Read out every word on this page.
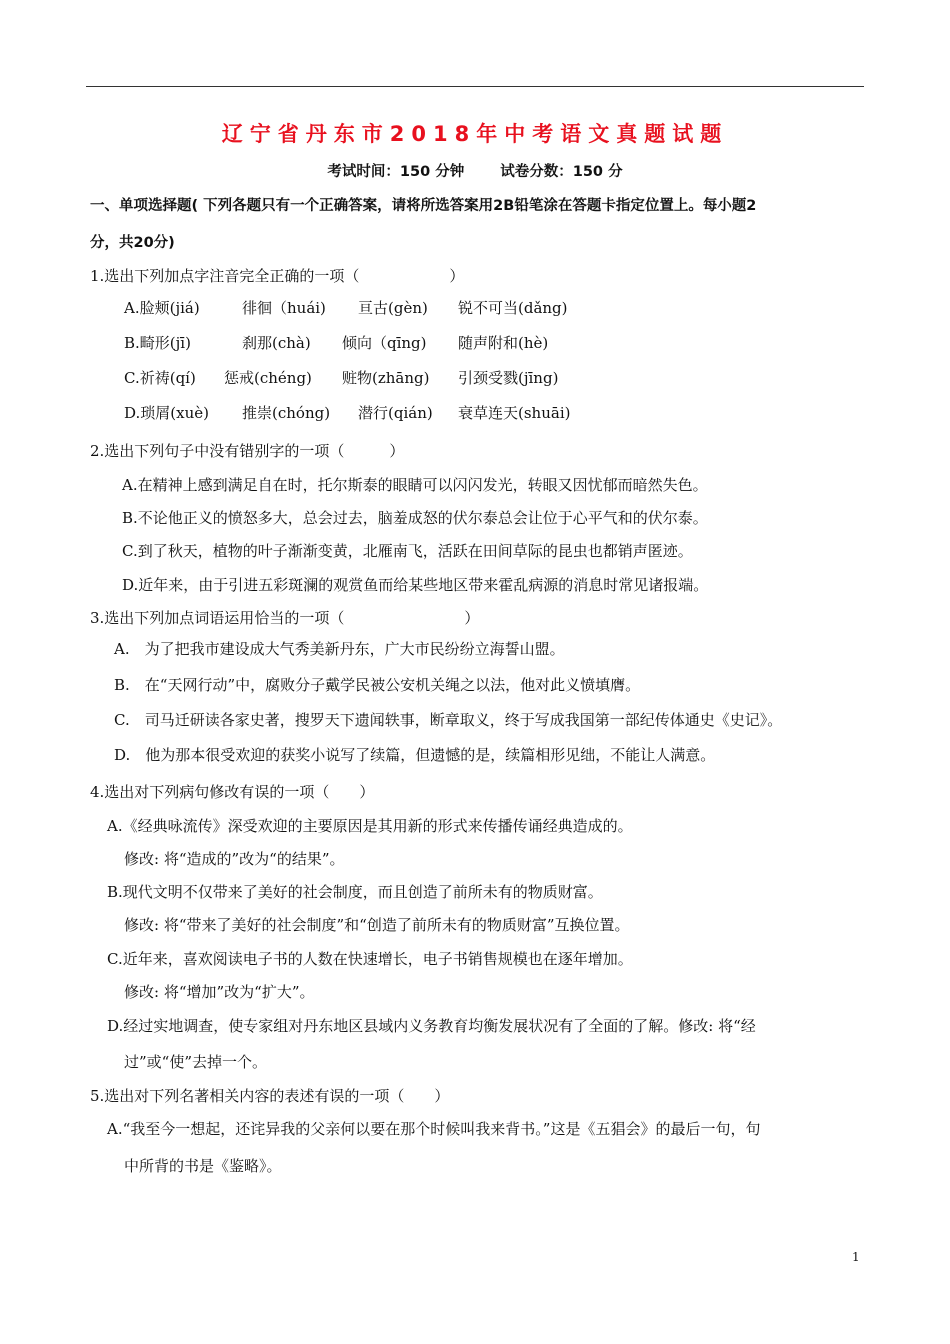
辽宁省丹东市2018年中考语文真题试题
考试时间：150 分钟 试卷分数：150 分
一、单项选择题( 下列各题只有一个正确答案，请将所选答案用2B铅笔涂在答题卡指定位置上。每小题2
分，共20分)
1.选出下列加点字注音完全正确的一项（　　　　　　）
A.脸颊(jiá)	徘徊（huái) 亘古(gèn) 锐不可当(dǎng)
B.畸形(jī)	刹那(chà) 倾向（qīng) 随声附和(hè)
C.祈祷(qí) 惩戒(chéng) 赃物(zhāng) 引颈受戮(jīng)
D.琐屑(xuè) 推崇(chóng) 潜行(qián) 衰草连天(shuāi)
2.选出下列句子中没有错别字的一项（　　　）
A.在精神上感到满足自在时，托尔斯泰的眼睛可以闪闪发光，转眼又因忧郁而暗然失色。
B.不论他正义的愤怒多大，总会过去，脑羞成怒的伏尔泰总会让位于心平气和的伏尔泰。
C.到了秋天，植物的叶子渐渐变黄，北雁南飞，活跃在田间草际的昆虫也都销声匿迹。
D.近年来，由于引进五彩斑澜的观赏鱼而给某些地区带来霍乱病源的消息时常见诸报端。
3.选出下列加点词语运用恰当的一项（　　　　　　　　）
A.　为了把我市建设成大气秀美新丹东，广大市民纷纷立海誓山盟。
B.　在“天网行动”中，腐败分子戴学民被公安机关绳之以法，他对此义愤填膺。
C.　司马迁研读各家史著，搜罗天下遗闻轶事，断章取义，终于写成我国第一部纪传体通史《史记》。
D.　他为那本很受欢迎的获奖小说写了续篇，但遗憾的是，续篇相形见绌，不能让人满意。
4.选出对下列病句修改有误的一项（　　）
A.《经典咏流传》深受欢迎的主要原因是其用新的形式来传播传诵经典造成的。
修改: 将“造成的”改为“的结果”。
B.现代文明不仅带来了美好的社会制度，而且创造了前所未有的物质财富。
修改: 将“带来了美好的社会制度”和“创造了前所未有的物质财富”互换位置。
C.近年来，喜欢阅读电子书的人数在快速增长，电子书销售规模也在逐年增加。
修改: 将“增加”改为“扩大”。
D.经过实地调查，使专家组对丹东地区县域内义务教育均衡发展状况有了全面的了解。修改: 将“经
过”或“使”去掉一个。
5.选出对下列名著相关内容的表述有误的一项（　　）
A.“我至今一想起，还诧异我的父亲何以要在那个时候叫我来背书。”这是《五猖会》的最后一句，句
中所背的书是《鉴略》。
1
